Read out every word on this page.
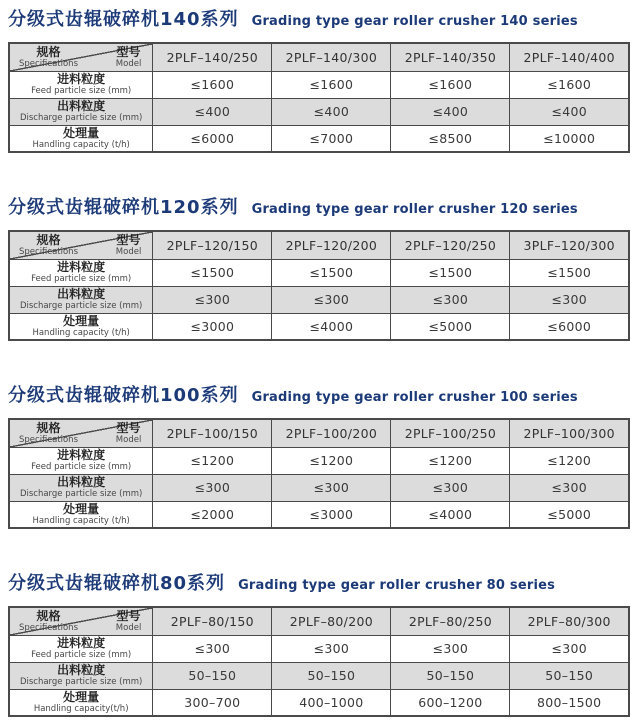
分级式齿辊破碎机140系列 Grading type gear roller crusher 140 series
规格
Specifications
型号
Model	2PLF–140/250	2PLF–140/300	2PLF–140/350	2PLF–140/400

进料粒度
Feed particle size (mm)	≤1600	≤1600	≤1600	≤1600

出料粒度
Discharge particle size (mm)	≤400	≤400	≤400	≤400

处理量
Handling capacity (t/h)	≤6000	≤7000	≤8500	≤10000
分级式齿辊破碎机120系列 Grading type gear roller crusher 120 series
规格
Specifications
型号
Model	2PLF–120/150	2PLF–120/200	2PLF–120/250	3PLF–120/300

进料粒度
Feed particle size (mm)	≤1500	≤1500	≤1500	≤1500

出料粒度
Discharge particle size (mm)	≤300	≤300	≤300	≤300

处理量
Handling capacity (t/h)	≤3000	≤4000	≤5000	≤6000
分级式齿辊破碎机100系列 Grading type gear roller crusher 100 series
规格
Specifications
型号
Model	2PLF–100/150	2PLF–100/200	2PLF–100/250	2PLF–100/300

进料粒度
Feed particle size (mm)	≤1200	≤1200	≤1200	≤1200

出料粒度
Discharge particle size (mm)	≤300	≤300	≤300	≤300

处理量
Handling capacity (t/h)	≤2000	≤3000	≤4000	≤5000
分级式齿辊破碎机80系列 Grading type gear roller crusher 80 series
规格
Specifications
型号
Model	2PLF–80/150	2PLF–80/200	2PLF–80/250	2PLF–80/300

进料粒度
Feed particle size (mm)	≤300	≤300	≤300	≤300

出料粒度
Discharge particle size (mm)	50–150	50–150	50–150	50–150

处理量
Handling capacity(t/h)	300–700	400–1000	600–1200	800–1500
